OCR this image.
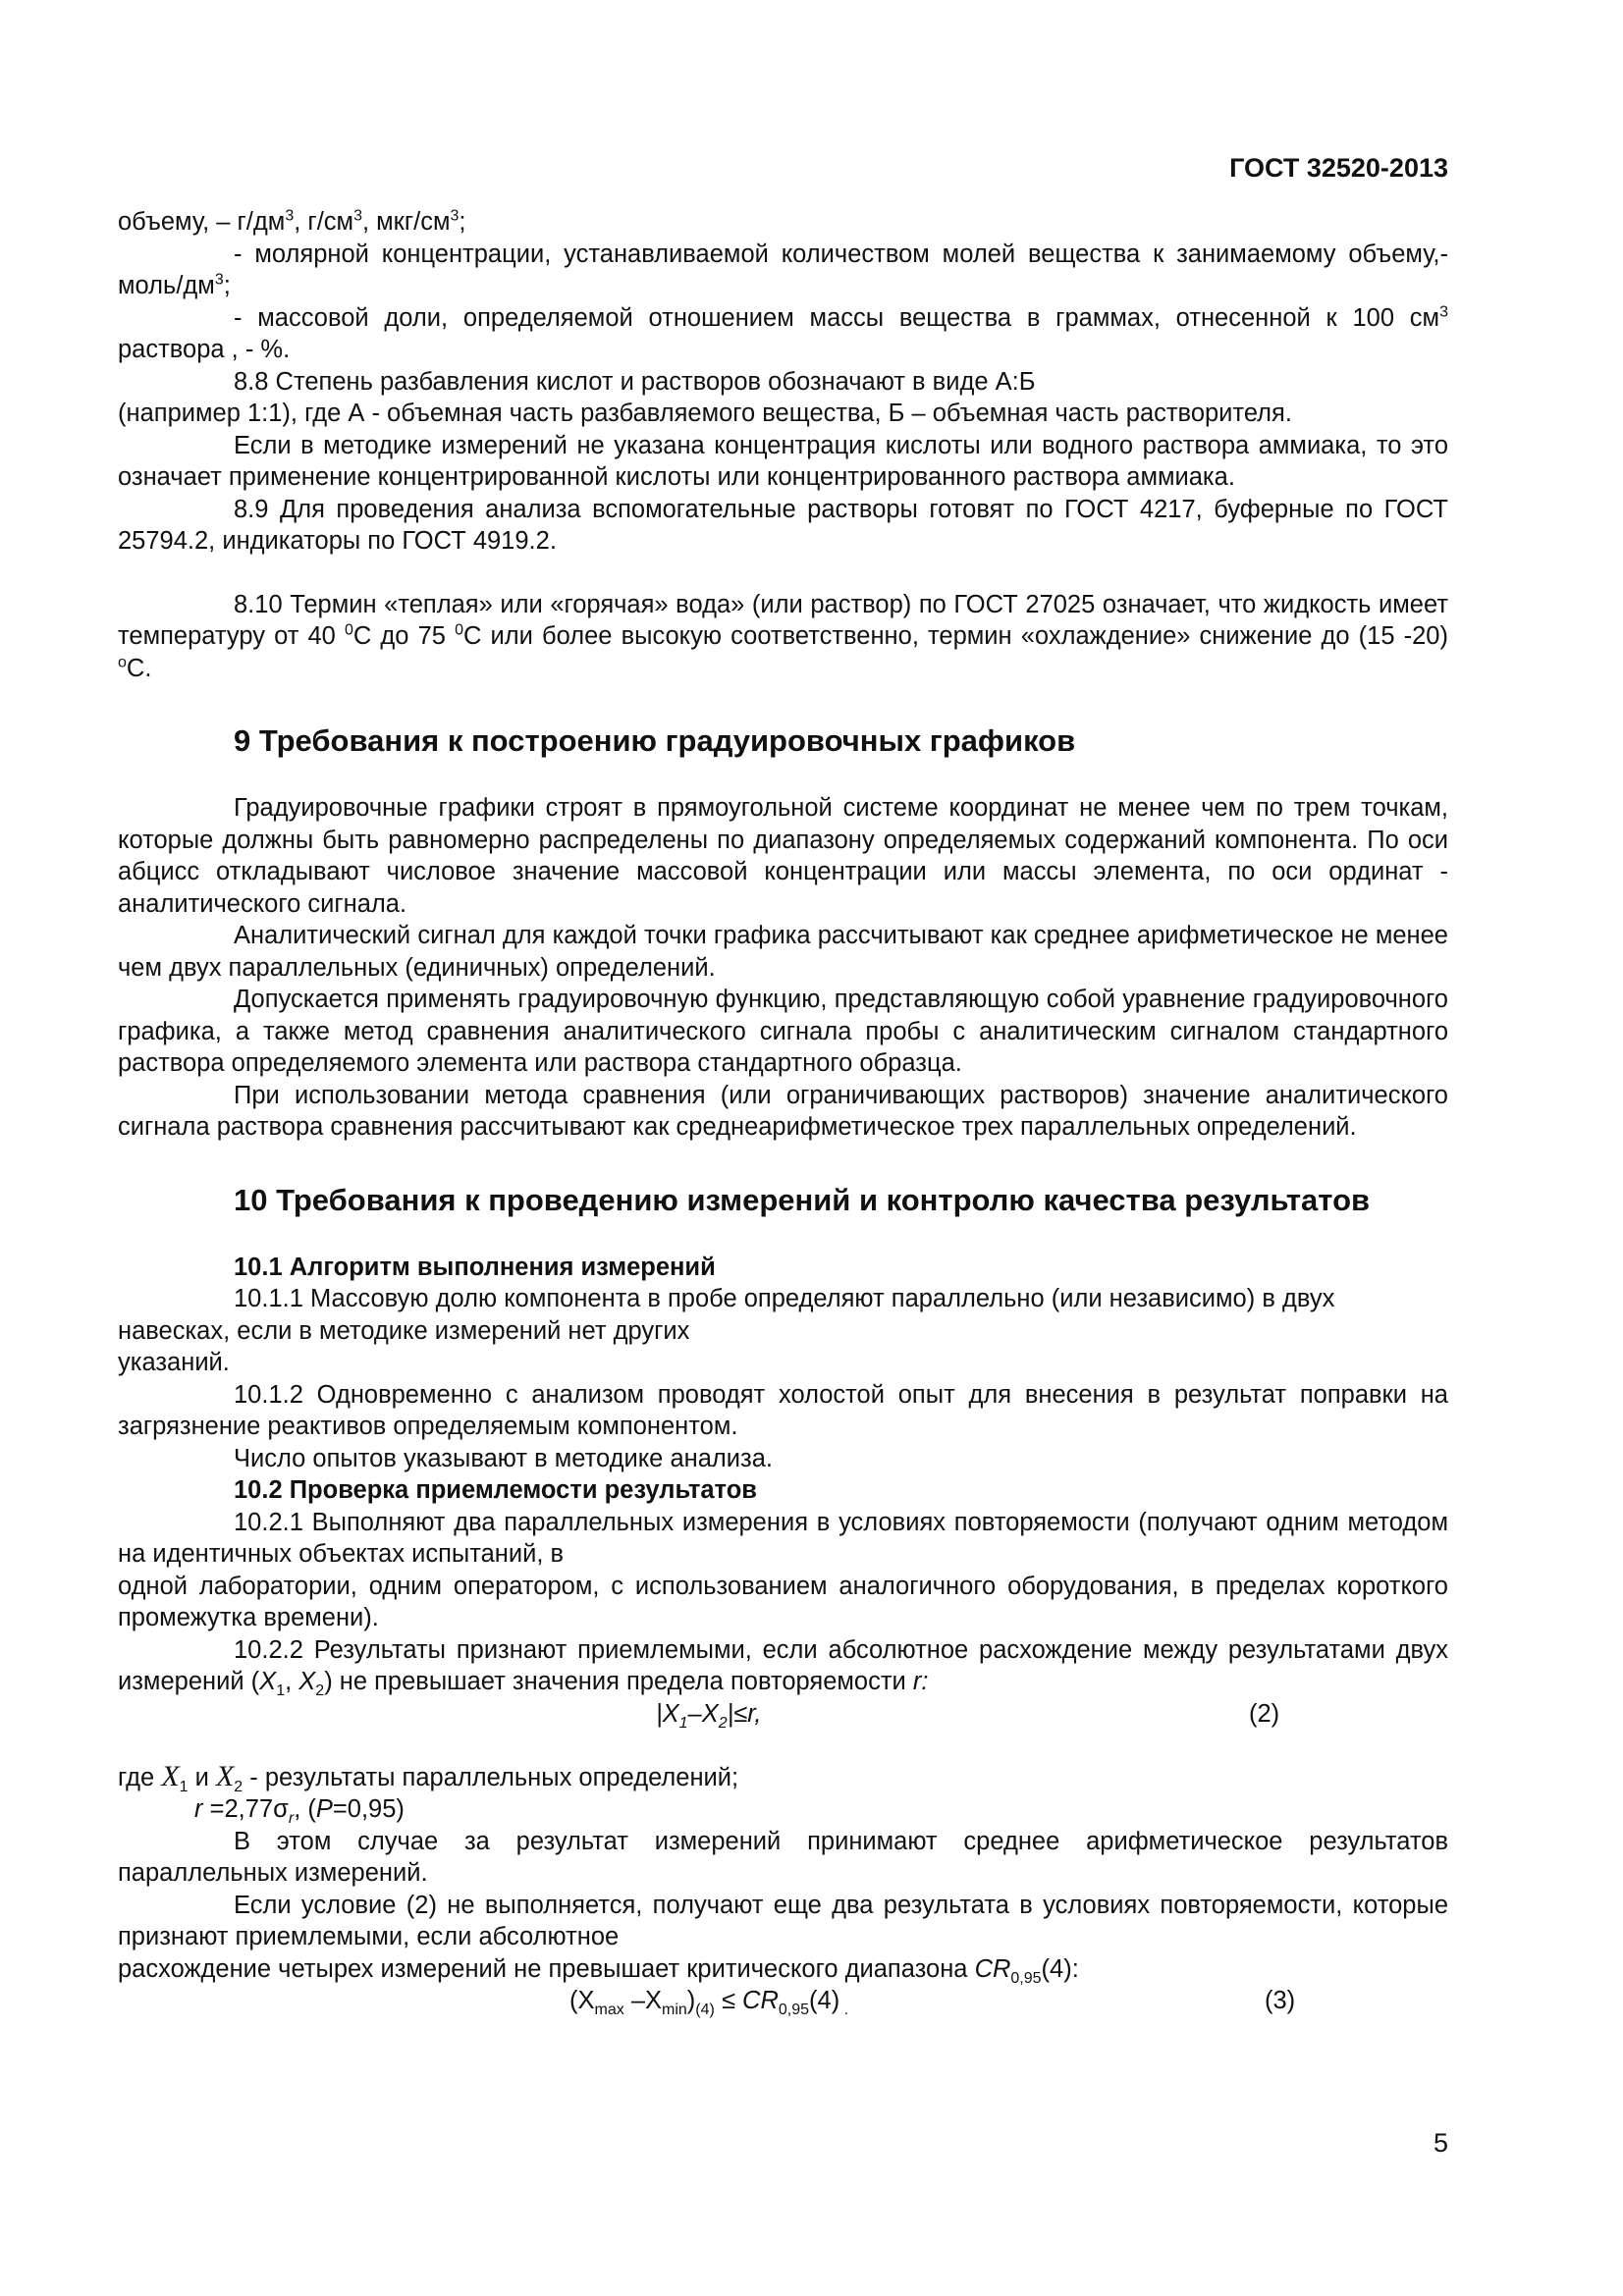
ГОСТ 32520-2013

объему, – $г/дм^3$, $г/см^3$, мкг/$см^3$;

- молярной концентрации, устанавливаемой количеством молей вещества к занимаемому объему,- моль/$дм^3$;

- массовой доли, определяемой отношением массы вещества в граммах, отнесенной к 100 $см^3$ раствора , - %.

8.8 Степень разбавления кислот и растворов обозначают в виде А:Б

(например 1:1), где А - объемная часть разбавляемого вещества, Б – объемная часть растворителя.

Если в методике измерений не указана концентрация кислоты или водного раствора аммиака, то это означает применение концентрированной кислоты или концентрированного раствора аммиака.

8.9 Для проведения анализа вспомогательные растворы готовят по ГОСТ 4217, буферные по ГОСТ 25794.2, индикаторы по ГОСТ 4919.2.

8.10 Термин «теплая» или «горячая» вода» (или раствор) по ГОСТ 27025 означает, что жидкость имеет температуру от 40 $^0$С до 75 $^0$С или более высокую соответственно, термин «охлаждение» снижение до (15 -20) $^o$С.

9 Требования к построению градуировочных графиков

Градуировочные графики строят в прямоугольной системе координат не менее чем по трем точкам, которые должны быть равномерно распределены по диапазону определяемых содержаний компонента. По оси абцисс откладывают числовое значение массовой концентрации или массы элемента, по оси ординат - аналитического сигнала.

Аналитический сигнал для каждой точки графика рассчитывают как среднее арифметическое не менее чем двух параллельных (единичных) определений.

Допускается применять градуировочную функцию, представляющую собой уравнение градуировочного графика, а также метод сравнения аналитического сигнала пробы с аналитическим сигналом стандартного раствора определяемого элемента или раствора стандартного образца.

При использовании метода сравнения (или ограничивающих растворов) значение аналитического сигнала раствора сравнения рассчитывают как среднеарифметическое трех параллельных определений.

10 Требования к проведению измерений и контролю качества результатов

10.1 Алгоритм выполнения измерений

10.1.1 Массовую долю компонента в пробе определяют параллельно (или независимо) в двух навесках, если в методике измерений нет других

указаний.

10.1.2 Одновременно с анализом проводят холостой опыт для внесения в результат поправки на загрязнение реактивов определяемым компонентом.

Число опытов указывают в методике анализа.

10.2 Проверка приемлемости результатов

10.2.1 Выполняют два параллельных измерения в условиях повторяемости (получают одним методом на идентичных объектах испытаний, в

одной лаборатории, одним оператором, с использованием аналогичного оборудования, в пределах короткого промежутка времени).

10.2.2 Результаты признают приемлемыми, если абсолютное расхождение между результатами двух измерений ($X_1$, $X_2$) не превышает значения предела повторяемости r:

$|X_1-X_2|\le r$,	(2)

где $X_1$ и $X_2$ - результаты параллельных определений;

$r =2,77\sigma_r$, (P=0,95)

В этом случае за результат измерений принимают среднее арифметическое результатов параллельных измерений.

Если условие (2) не выполняется, получают еще два результата в условиях повторяемости, которые признают приемлемыми, если абсолютное

расхождение четырех измерений не превышает критического диапазона $CR_{0,95}(4)$:

($X_{max}$ $-X_{min})_{(4)} \le CR_{0,95}(4)$ $_.$	(3)
5
